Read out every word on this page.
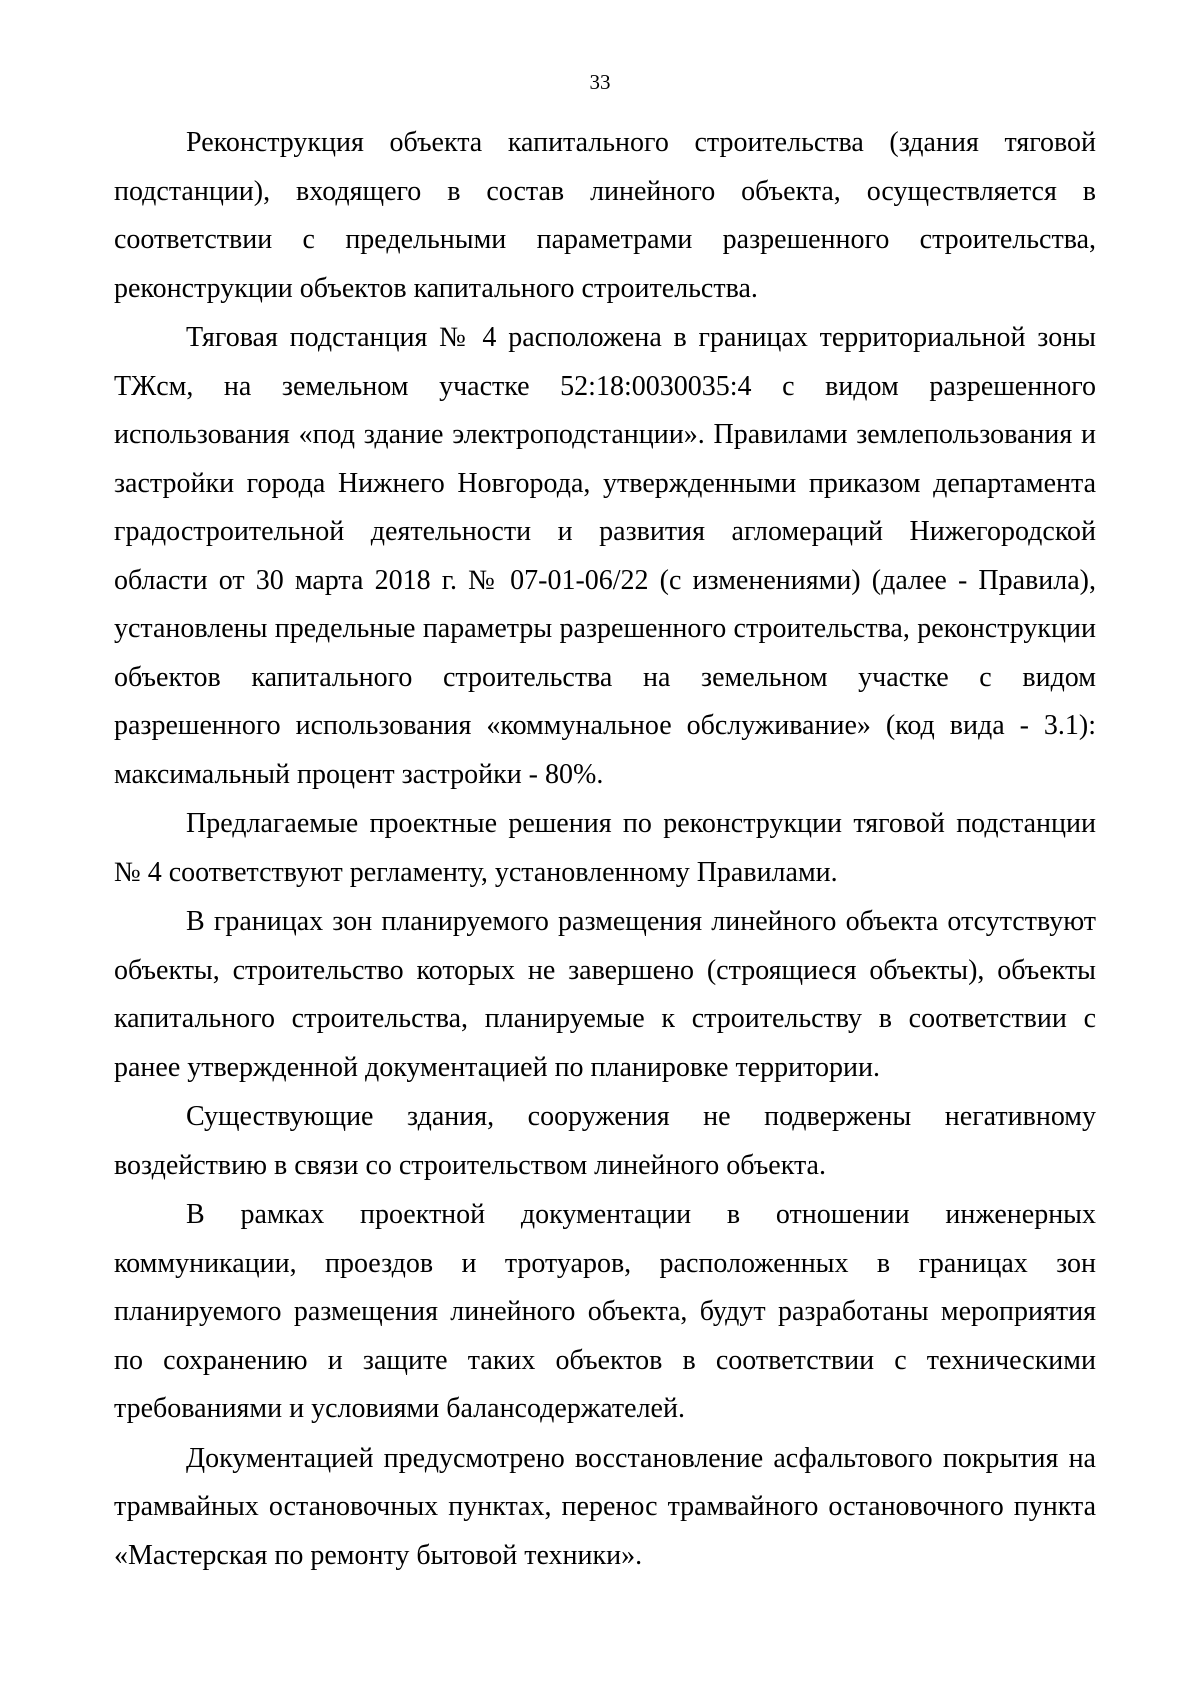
33

Реконструкция объекта капитального строительства (здания тяговой подстанции), входящего в состав линейного объекта, осуществляется в соответствии с предельными параметрами разрешенного строительства, реконструкции объектов капитального строительства.

Тяговая подстанция № 4 расположена в границах территориальной зоны ТЖсм, на земельном участке 52:18:0030035:4 с видом разрешенного использования «под здание электроподстанции». Правилами землепользования и застройки города Нижнего Новгорода, утвержденными приказом департамента градостроительной деятельности и развития агломераций Нижегородской области от 30 марта 2018 г. № 07-01-06/22 (с изменениями) (далее - Правила), установлены предельные параметры разрешенного строительства, реконструкции объектов капитального строительства на земельном участке с видом разрешенного использования «коммунальное обслуживание» (код вида - 3.1): максимальный процент застройки - 80%.

Предлагаемые проектные решения по реконструкции тяговой подстанции № 4 соответствуют регламенту, установленному Правилами.

В границах зон планируемого размещения линейного объекта отсутствуют объекты, строительство которых не завершено (строящиеся объекты), объекты капитального строительства, планируемые к строительству в соответствии с ранее утвержденной документацией по планировке территории.

Существующие здания, сооружения не подвержены негативному воздействию в связи со строительством линейного объекта.

В рамках проектной документации в отношении инженерных коммуникации, проездов и тротуаров, расположенных в границах зон планируемого размещения линейного объекта, будут разработаны мероприятия по сохранению и защите таких объектов в соответствии с техническими требованиями и условиями балансодержателей.

Документацией предусмотрено восстановление асфальтового покрытия на трамвайных остановочных пунктах, перенос трамвайного остановочного пункта «Мастерская по ремонту бытовой техники».
